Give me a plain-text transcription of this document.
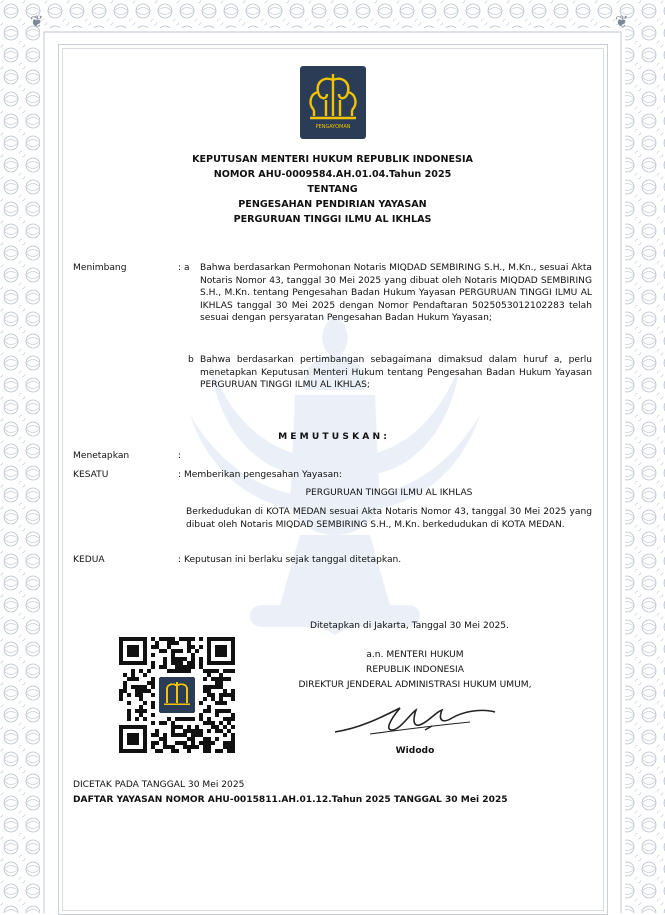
❦	❦
PENGAYOMAN
KEPUTUSAN MENTERI HUKUM REPUBLIK INDONESIA
NOMOR AHU-0009584.AH.01.04.Tahun 2025
TENTANG
PENGESAHAN PENDIRIAN YAYASAN
PERGURUAN TINGGI ILMU AL IKHLAS
Menimbang	: a Bahwa berdasarkan Permohonan Notaris MIQDAD SEMBIRING S.H., M.Kn., sesuai Akta Notaris Nomor 43, tanggal 30 Mei 2025 yang dibuat oleh Notaris MIQDAD SEMBIRING S.H., M.Kn. tentang Pengesahan Badan Hukum Yayasan PERGURUAN TINGGI ILMU AL IKHLAS tanggal 30 Mei 2025 dengan Nomor Pendaftaran 5025053012102283 telah sesuai dengan persyaratan Pengesahan Badan Hukum Yayasan;
b Bahwa berdasarkan pertimbangan sebagaimana dimaksud dalam huruf a, perlu menetapkan Keputusan Menteri Hukum tentang Pengesahan Badan Hukum Yayasan PERGURUAN TINGGI ILMU AL IKHLAS;
M E M U T U S K A N :
Menetapkan	:
KESATU	: Memberikan pengesahan Yayasan:
PERGURUAN TINGGI ILMU AL IKHLAS
Berkedudukan di KOTA MEDAN sesuai Akta Notaris Nomor 43, tanggal 30 Mei 2025 yang dibuat oleh Notaris MIQDAD SEMBIRING S.H., M.Kn. berkedudukan di KOTA MEDAN.
KEDUA	: Keputusan ini berlaku sejak tanggal ditetapkan.
Ditetapkan di Jakarta, Tanggal 30 Mei 2025.
a.n. MENTERI HUKUM
REPUBLIK INDONESIA
DIREKTUR JENDERAL ADMINISTRASI HUKUM UMUM,
Widodo
DICETAK PADA TANGGAL 30 Mei 2025
DAFTAR YAYASAN NOMOR AHU-0015811.AH.01.12.Tahun 2025 TANGGAL 30 Mei 2025
